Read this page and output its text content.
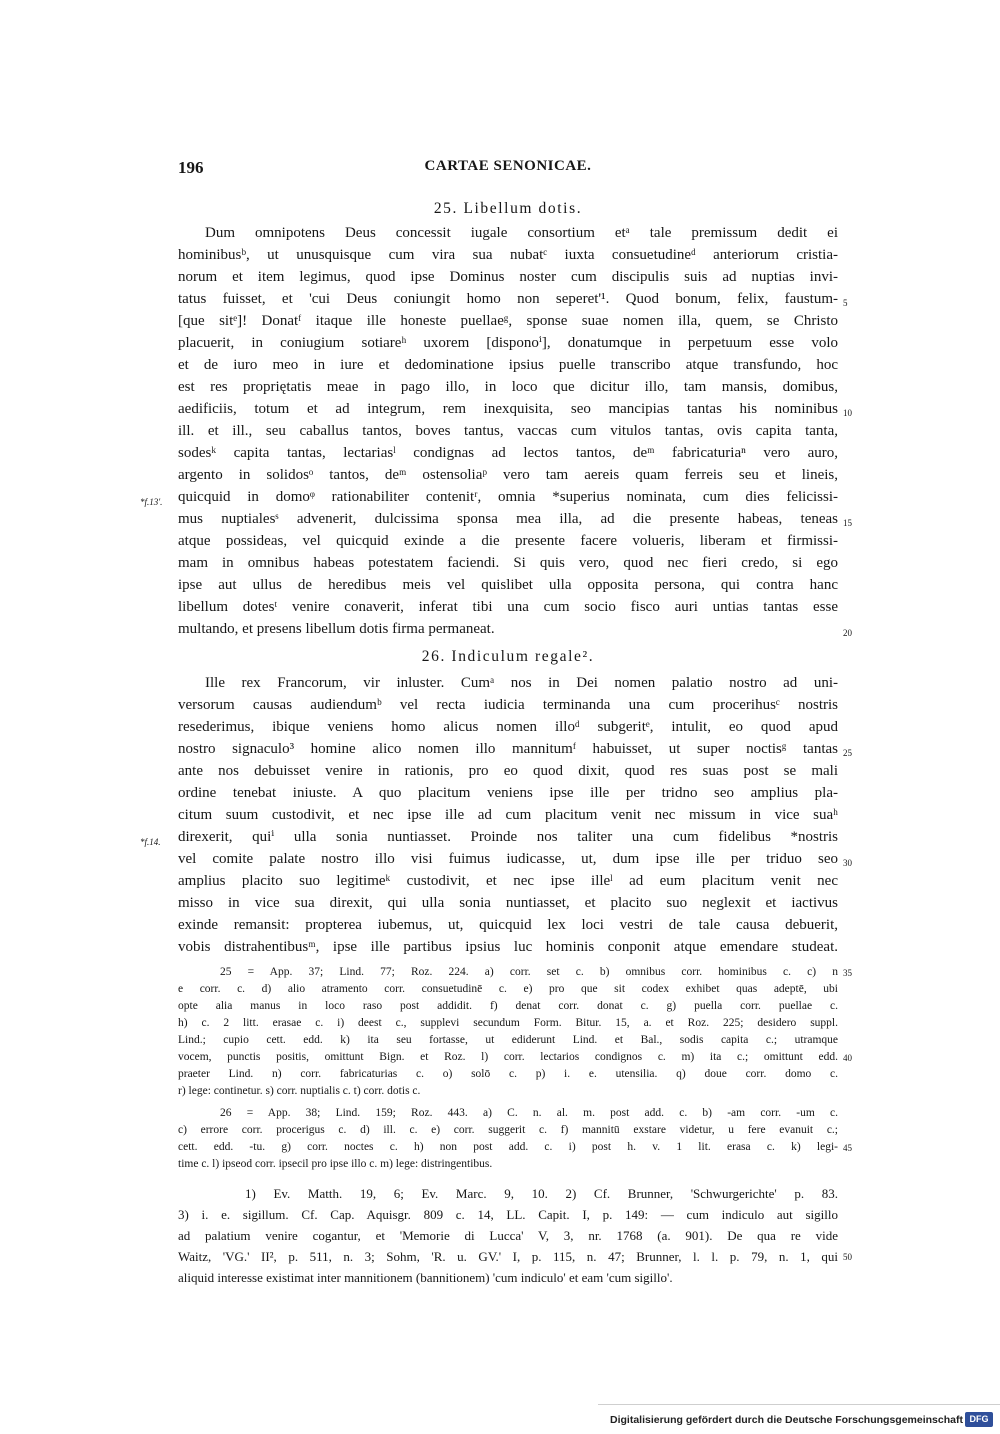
196	CARTAE SENONICAE.
25. Libellum dotis.
Dum omnipotens Deus concessit iugale consortium etᵃ tale premissum dedit ei
hominibusᵇ, ut unusquisque cum vira sua nubatᶜ iuxta consuetudineᵈ anteriorum cristia-
norum et item legimus, quod ipse Dominus noster cum discipulis suis ad nuptias invi-
tatus fuisset, et 'cui Deus coniungit homo non seperet'¹. Quod bonum, felix, faustum-
[que sitᵉ]! Donatᶠ itaque ille honeste puellaeᵍ, sponse suae nomen illa, quem, se Christo
placuerit, in coniugium sotiareʰ uxorem [disponoⁱ], donatumque in perpetuum esse volo
et de iuro meo in iure et dedominatione ipsius puelle transcribo atque transfundo, hoc
est res propriętatis meae in pago illo, in loco que dicitur illo, tam mansis, domibus,
aedificiis, totum et ad integrum, rem inexquisita, seo mancipias tantas his nominibus
ill. et ill., seu caballus tantos, boves tantus, vaccas cum vitulos tantas, ovis capita tanta,
sodesᵏ capita tantas, lectariasˡ condignas ad lectos tantos, deᵐ fabricaturiaⁿ vero auro,
argento in solidosᵒ tantos, deᵐ ostensoliaᵖ vero tam aereis quam ferreis seu et lineis,
quicquid in domoᵠ rationabiliter contenitʳ, omnia *superius nominata, cum dies felicissi-
mus nuptialesˢ advenerit, dulcissima sponsa mea illa, ad die presente habeas, teneas
atque possideas, vel quicquid exinde a die presente facere volueris, liberam et firmissi-
mam in omnibus habeas potestatem faciendi. Si quis vero, quod nec fieri credo, si ego
ipse aut ullus de heredibus meis vel quislibet ulla opposita persona, qui contra hanc
libellum dotesᵗ venire conaverit, inferat tibi una cum socio fisco auri untias tantas esse
multando, et presens libellum dotis firma permaneat.
5
10
15
20
*f.13'.
26. Indiculum regale².
Ille rex Francorum, vir inluster. Cumᵃ nos in Dei nomen palatio nostro ad uni-
versorum causas audiendumᵇ vel recta iudicia terminanda una cum procerihusᶜ nostris
resederimus, ibique veniens homo alicus nomen illoᵈ subgeritᵉ, intulit, eo quod apud
nostro signaculo³ homine alico nomen illo mannitumᶠ habuisset, ut super noctisᵍ tantas
ante nos debuisset venire in rationis, pro eo quod dixit, quod res suas post se mali
ordine tenebat iniuste. A quo placitum veniens ipse ille per tridno seo amplius pla-
citum suum custodivit, et nec ipse ille ad cum placitum venit nec missum in vice suaʰ
direxerit, quiⁱ ulla sonia nuntiasset. Proinde nos taliter una cum fidelibus *nostris
vel comite palate nostro illo visi fuimus iudicasse, ut, dum ipse ille per triduo seo
amplius placito suo legitimeᵏ custodivit, et nec ipse illeˡ ad eum placitum venit nec
misso in vice sua direxit, qui ulla sonia nuntiasset, et placito suo neglexit et iactivus
exinde remansit: propterea iubemus, ut, quicquid lex loci vestri de tale causa debuerit,
vobis distrahentibusᵐ, ipse ille partibus ipsius luc hominis conponit atque emendare studeat.
25
30
*f.14.
25 = App. 37; Lind. 77; Roz. 224. a) corr. set c. b) omnibus corr. hominibus c. c) n
e corr. c. d) alio atramento corr. consuetudinē c. e) pro que sit codex exhibet quas adeptē, ubi
opte alia manus in loco raso post addidit. f) denat corr. donat c. g) puella corr. puellae c.
h) c. 2 litt. erasae c. i) deest c., supplevi secundum Form. Bitur. 15, a. et Roz. 225; desidero suppl.
Lind.; cupio cett. edd. k) ita seu fortasse, ut ediderunt Lind. et Bal., sodis capita c.; utramque
vocem, punctis positis, omittunt Bign. et Roz. l) corr. lectarios condignos c. m) ita c.; omittunt edd.
praeter Lind. n) corr. fabricaturias c. o) solō c. p) i. e. utensilia. q) doue corr. domo c.
r) lege: continetur. s) corr. nuptialis c. t) corr. dotis c.
26 = App. 38; Lind. 159; Roz. 443. a) C. n. al. m. post add. c. b) -am corr. -um c.
c) errore corr. procerigus c. d) ill. c. e) corr. suggerit c. f) mannitū exstare videtur, u fere evanuit c.;
cett. edd. -tu. g) corr. noctes c. h) non post add. c. i) post h. v. 1 lit. erasa c. k) legi-
time c. l) ipseod corr. ipsecil pro ipse illo c. m) lege: distringentibus.
35
40
45
1) Ev. Matth. 19, 6; Ev. Marc. 9, 10. 2) Cf. Brunner, 'Schwurgerichte' p. 83.
3) i. e. sigillum. Cf. Cap. Aquisgr. 809 c. 14, LL. Capit. I, p. 149: — cum indiculo aut sigillo
ad palatium venire cogantur, et 'Memorie di Lucca' V, 3, nr. 1768 (a. 901). De qua re vide
Waitz, 'VG.' II², p. 511, n. 3; Sohm, 'R. u. GV.' I, p. 115, n. 47; Brunner, l. l. p. 79, n. 1, qui
aliquid interesse existimat inter mannitionem (bannitionem) 'cum indiculo' et eam 'cum sigillo'.
50
Digitalisierung gefördert durch die Deutsche Forschungsgemeinschaft DFG
